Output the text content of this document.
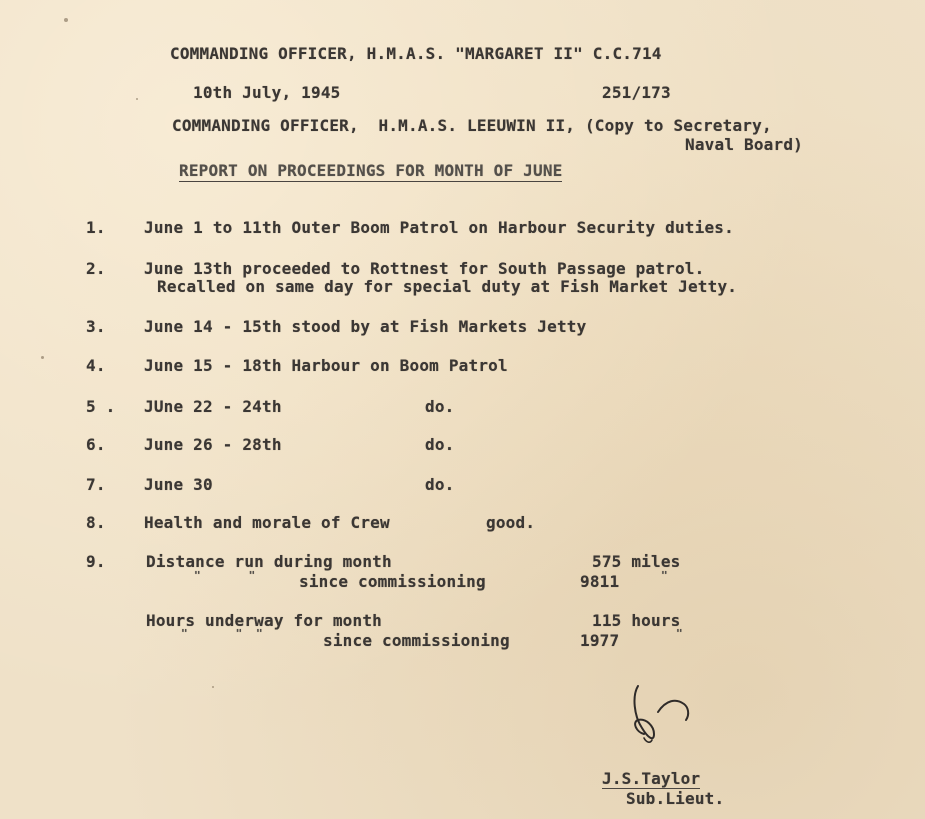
COMMANDING OFFICER, H.M.A.S. "MARGARET II" C.C.714
10th July, 1945	251/173
COMMANDING OFFICER,  H.M.A.S. LEEUWIN II, (Copy to Secretary,
Naval Board)
REPORT ON PROCEEDINGS FOR MONTH OF JUNE
1. June 1 to 11th Outer Boom Patrol on Harbour Security duties.
2. June 13th proceeded to Rottnest for South Passage patrol.
Recalled on same day for special duty at Fish Market Jetty.
3. June 14 - 15th stood by at Fish Markets Jetty
4. June 15 - 18th Harbour on Boom Patrol
5 . JUne 22 - 24th	do.
6. June 26 - 28th	do.
7. June 30	do.
8. Health and morale of Crew	good.
9.	Distance run during month	575 miles
"       "	since commissioning	9811	"
Hours underway for month	115 hours
"       "  "	since commissioning	1977	"
J.S.Taylor
Sub.Lieut.
